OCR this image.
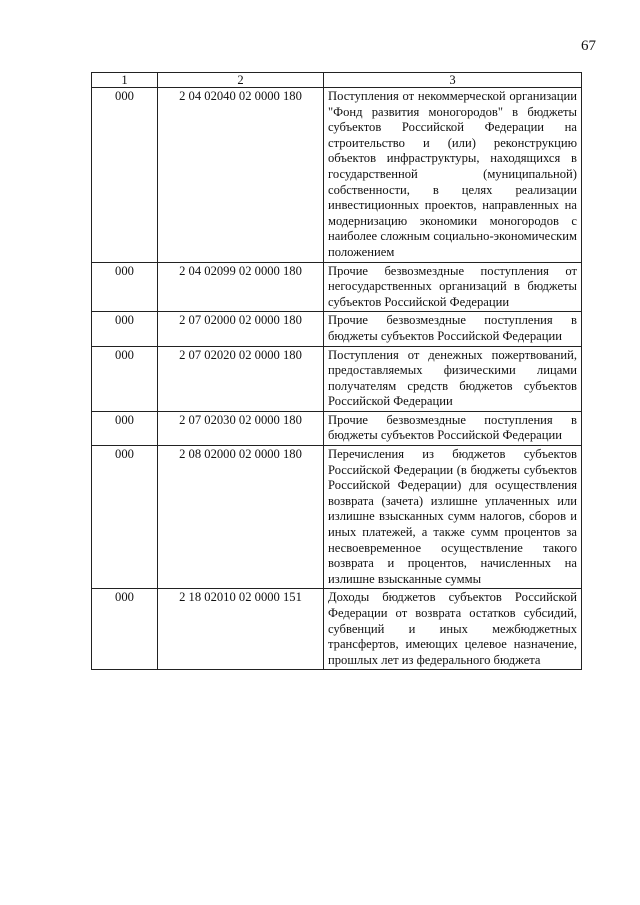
67
1	2	3
000	2 04 02040 02 0000 180	Поступления от некоммерческой организации "Фонд развития моногородов" в бюджеты субъектов Российской Федерации на строительство и (или) реконструкцию объектов инфраструктуры, находящихся в государственной (муниципальной) собственности, в целях реализации инвестиционных проектов, направленных на модернизацию экономики моногородов с наиболее сложным социально-экономическим положением
000	2 04 02099 02 0000 180	Прочие безвозмездные поступления от негосударственных организаций в бюджеты субъектов Российской Федерации
000	2 07 02000 02 0000 180	Прочие безвозмездные поступления в бюджеты субъектов Российской Федерации
000	2 07 02020 02 0000 180	Поступления от денежных пожертвований, предоставляемых физическими лицами получателям средств бюджетов субъектов Российской Федерации
000	2 07 02030 02 0000 180	Прочие безвозмездные поступления в бюджеты субъектов Российской Федерации
000	2 08 02000 02 0000 180	Перечисления из бюджетов субъектов Российской Федерации (в бюджеты субъектов Российской Федерации) для осуществления возврата (зачета) излишне уплаченных или излишне взысканных сумм налогов, сборов и иных платежей, а также сумм процентов за несвоевременное осуществление такого возврата и процентов, начисленных на излишне взысканные суммы
000	2 18 02010 02 0000 151	Доходы бюджетов субъектов Российской Федерации от возврата остатков субсидий, субвенций и иных межбюджетных трансфертов, имеющих целевое назначение, прошлых лет из федерального бюджета
